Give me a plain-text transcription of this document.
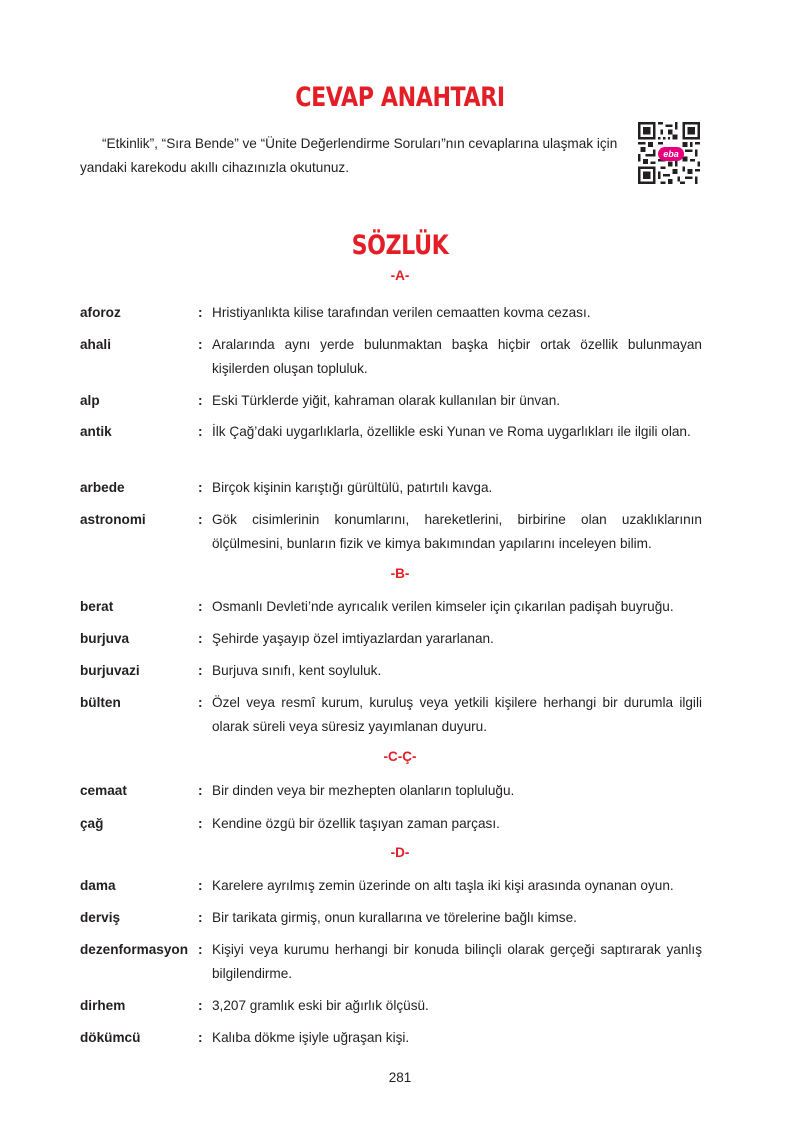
CEVAP ANAHTARI
“Etkinlik”, “Sıra Bende” ve “Ünite Değerlendirme Soruları”nın cevaplarına ulaşmak için yandaki karekodu akıllı cihazınızla okutunuz.
eba
SÖZLÜK
-A-
aforoz	: Hristiyanlıkta kilise tarafından verilen cemaatten kovma cezası.
ahali	: Aralarında aynı yerde bulunmaktan başka hiçbir ortak özellik bulunmayan kişilerden oluşan topluluk.
alp	: Eski Türklerde yiğit, kahraman olarak kullanılan bir ünvan.
antik	: İlk Çağ’daki uygarlıklarla, özellikle eski Yunan ve Roma uygarlıkları ile ilgili olan.
arbede	: Birçok kişinin karıştığı gürültülü, patırtılı kavga.
astronomi	: Gök cisimlerinin konumlarını, hareketlerini, birbirine olan uzaklıklarının ölçülmesini, bunların fizik ve kimya bakımından yapılarını inceleyen bilim.
-B-
berat	: Osmanlı Devleti’nde ayrıcalık verilen kimseler için çıkarılan padişah buyruğu.
burjuva	: Şehirde yaşayıp özel imtiyazlardan yararlanan.
burjuvazi	: Burjuva sınıfı, kent soyluluk.
bülten	: Özel veya resmî kurum, kuruluş veya yetkili kişilere herhangi bir durumla ilgili olarak süreli veya süresiz yayımlanan duyuru.
-C-Ç-
cemaat	: Bir dinden veya bir mezhepten olanların topluluğu.
çağ	: Kendine özgü bir özellik taşıyan zaman parçası.
-D-
dama	: Karelere ayrılmış zemin üzerinde on altı taşla iki kişi arasında oynanan oyun.
derviş	: Bir tarikata girmiş, onun kurallarına ve törelerine bağlı kimse.
dezenformasyon : Kişiyi veya kurumu herhangi bir konuda bilinçli olarak gerçeği saptırarak yanlış bilgilendirme.
dirhem	: 3,207 gramlık eski bir ağırlık ölçüsü.
dökümcü	: Kalıba dökme işiyle uğraşan kişi.
281
